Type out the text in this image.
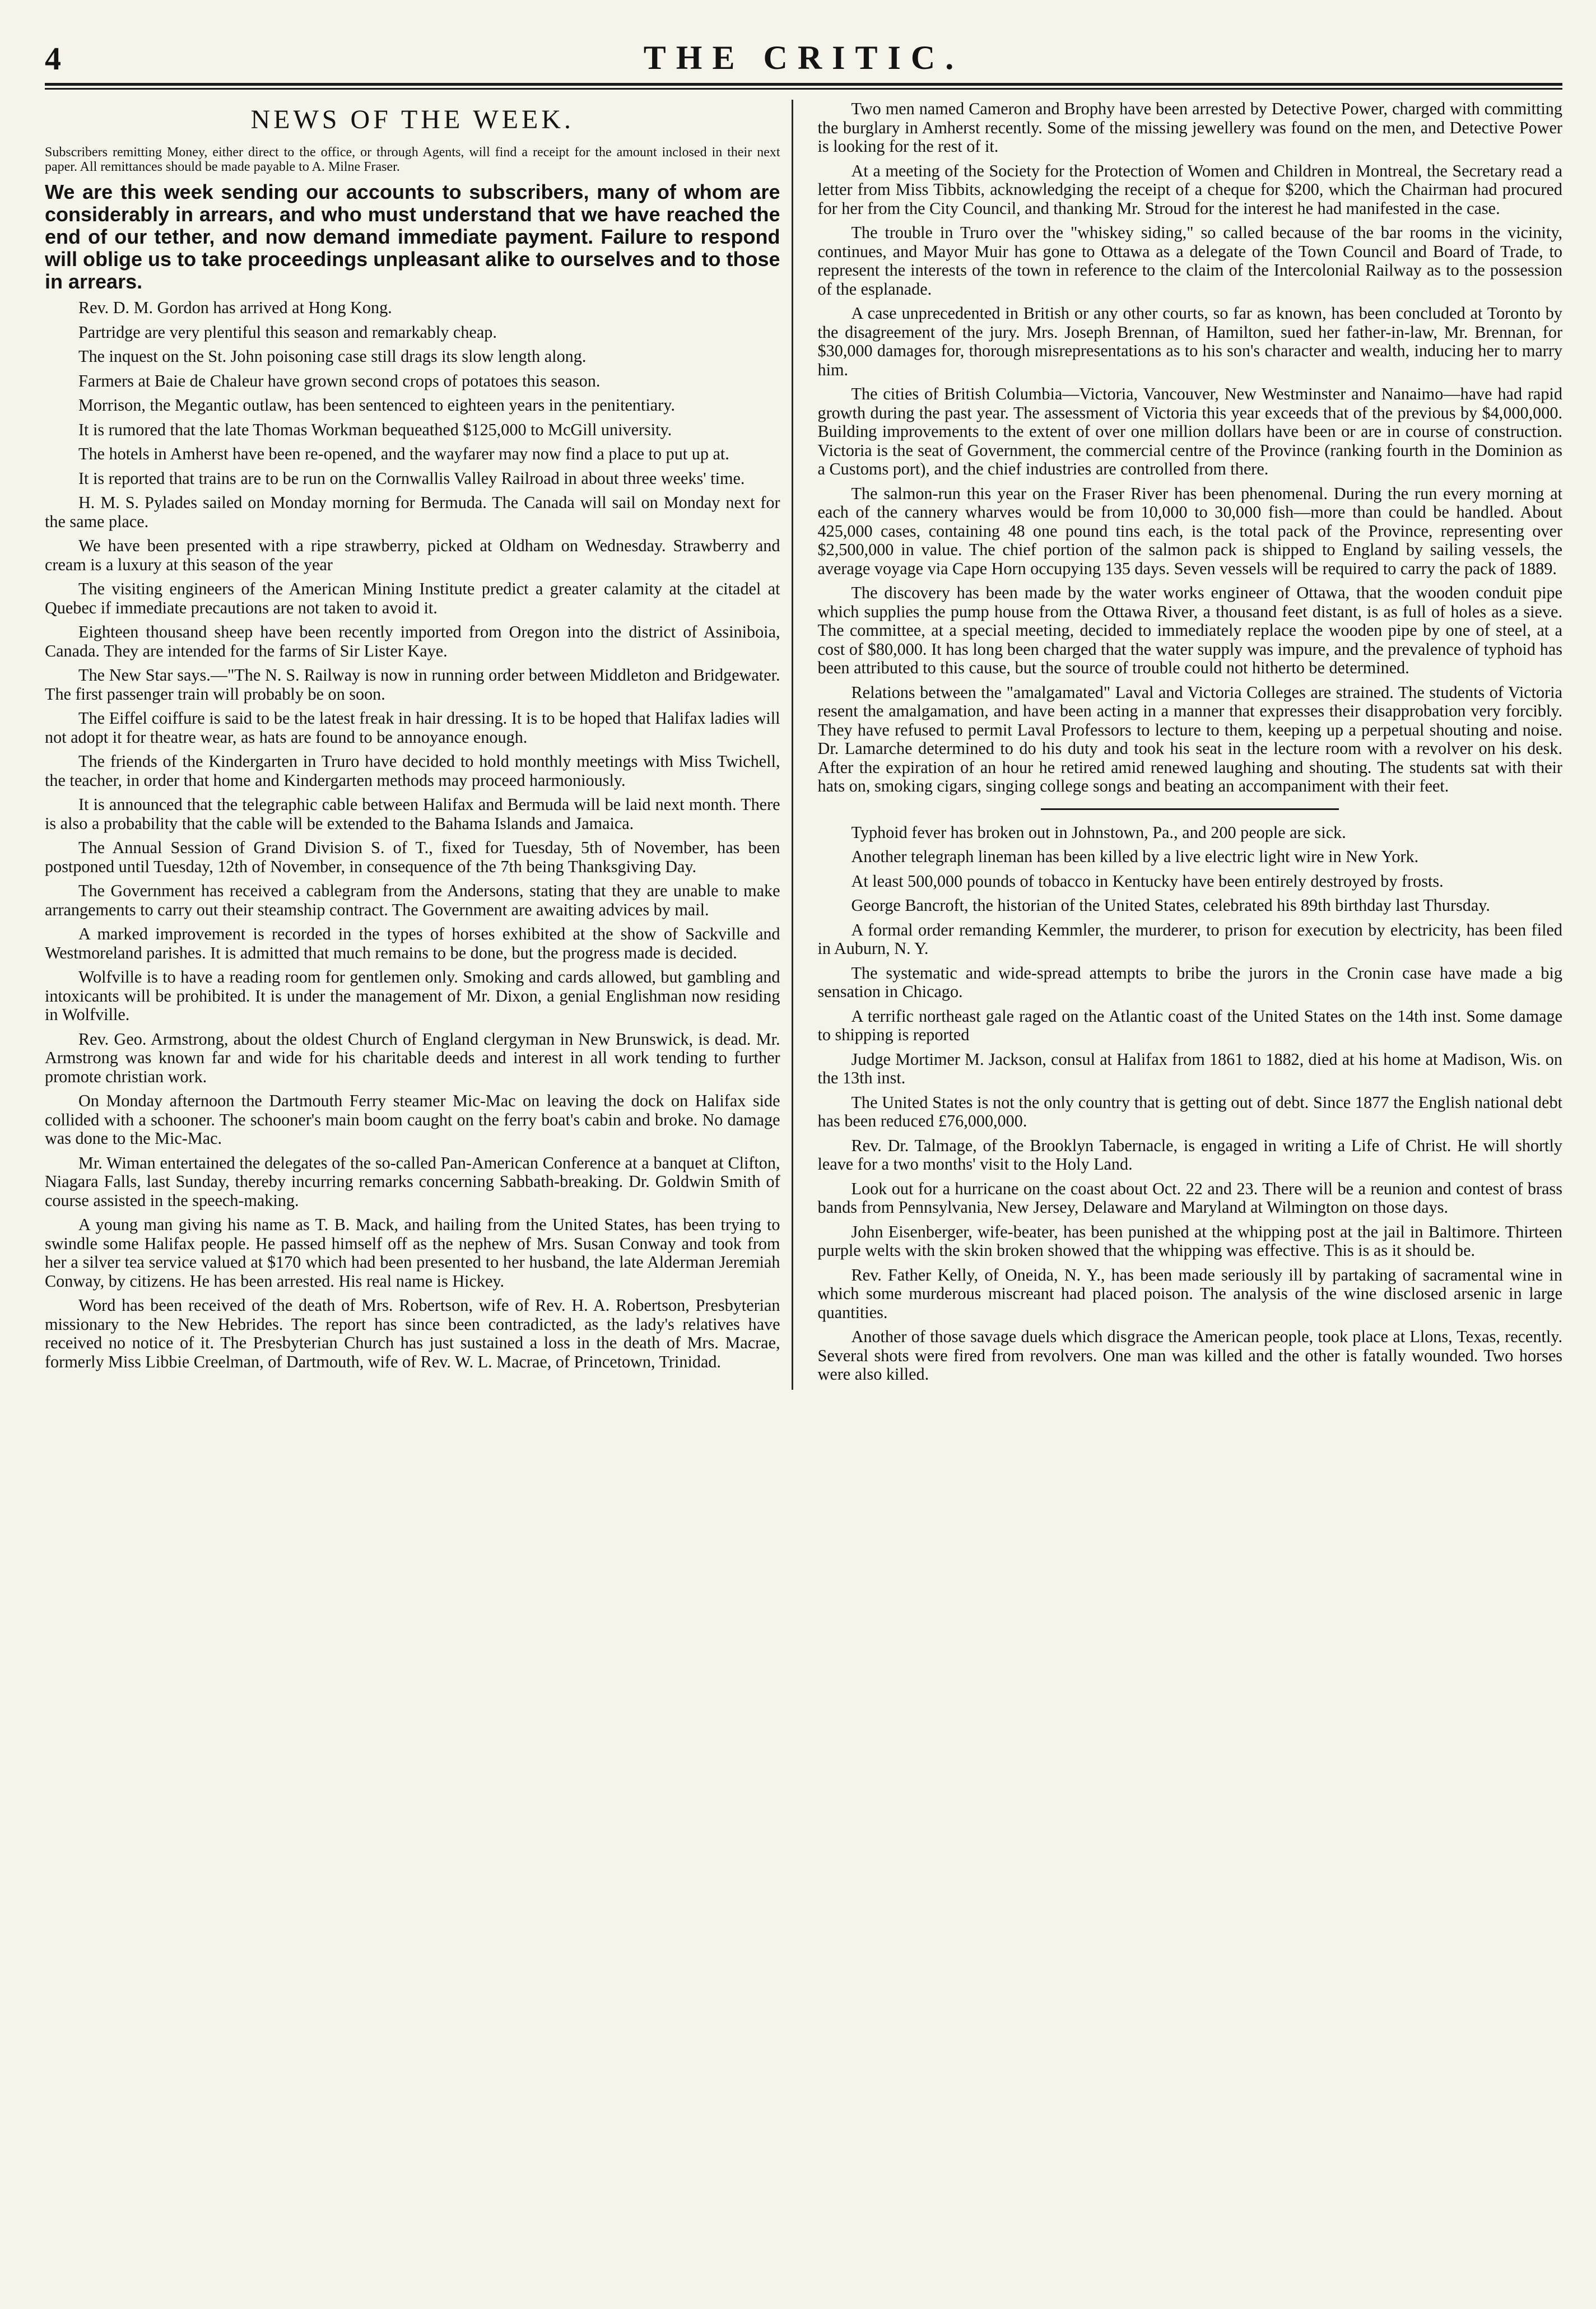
4	THE CRITIC.
NEWS OF THE WEEK.

Subscribers remitting Money, either direct to the office, or through Agents, will find a receipt for the amount inclosed in their next paper. All remittances should be made payable to A. Milne Fraser.

We are this week sending our accounts to subscribers, many of whom are considerably in arrears, and who must understand that we have reached the end of our tether, and now demand immediate payment. Failure to respond will oblige us to take proceedings unpleasant alike to ourselves and to those in arrears.

Rev. D. M. Gordon has arrived at Hong Kong.

Partridge are very plentiful this season and remarkably cheap.

The inquest on the St. John poisoning case still drags its slow length along.

Farmers at Baie de Chaleur have grown second crops of potatoes this season.

Morrison, the Megantic outlaw, has been sentenced to eighteen years in the penitentiary.

It is rumored that the late Thomas Workman bequeathed $125,000 to McGill university.

The hotels in Amherst have been re-opened, and the wayfarer may now find a place to put up at.

It is reported that trains are to be run on the Cornwallis Valley Railroad in about three weeks' time.

H. M. S. Pylades sailed on Monday morning for Bermuda. The Canada will sail on Monday next for the same place.

We have been presented with a ripe strawberry, picked at Oldham on Wednesday. Strawberry and cream is a luxury at this season of the year

The visiting engineers of the American Mining Institute predict a greater calamity at the citadel at Quebec if immediate precautions are not taken to avoid it.

Eighteen thousand sheep have been recently imported from Oregon into the district of Assiniboia, Canada. They are intended for the farms of Sir Lister Kaye.

The New Star says.—"The N. S. Railway is now in running order between Middleton and Bridgewater. The first passenger train will probably be on soon.

The Eiffel coiffure is said to be the latest freak in hair dressing. It is to be hoped that Halifax ladies will not adopt it for theatre wear, as hats are found to be annoyance enough.

The friends of the Kindergarten in Truro have decided to hold monthly meetings with Miss Twichell, the teacher, in order that home and Kindergarten methods may proceed harmoniously.

It is announced that the telegraphic cable between Halifax and Bermuda will be laid next month. There is also a probability that the cable will be extended to the Bahama Islands and Jamaica.

The Annual Session of Grand Division S. of T., fixed for Tuesday, 5th of November, has been postponed until Tuesday, 12th of November, in consequence of the 7th being Thanksgiving Day.

The Government has received a cablegram from the Andersons, stating that they are unable to make arrangements to carry out their steamship contract. The Government are awaiting advices by mail.

A marked improvement is recorded in the types of horses exhibited at the show of Sackville and Westmoreland parishes. It is admitted that much remains to be done, but the progress made is decided.

Wolfville is to have a reading room for gentlemen only. Smoking and cards allowed, but gambling and intoxicants will be prohibited. It is under the management of Mr. Dixon, a genial Englishman now residing in Wolfville.

Rev. Geo. Armstrong, about the oldest Church of England clergyman in New Brunswick, is dead. Mr. Armstrong was known far and wide for his charitable deeds and interest in all work tending to further promote christian work.

On Monday afternoon the Dartmouth Ferry steamer Mic-Mac on leaving the dock on Halifax side collided with a schooner. The schooner's main boom caught on the ferry boat's cabin and broke. No damage was done to the Mic-Mac.

Mr. Wiman entertained the delegates of the so-called Pan-American Conference at a banquet at Clifton, Niagara Falls, last Sunday, thereby incurring remarks concerning Sabbath-breaking. Dr. Goldwin Smith of course assisted in the speech-making.

A young man giving his name as T. B. Mack, and hailing from the United States, has been trying to swindle some Halifax people. He passed himself off as the nephew of Mrs. Susan Conway and took from her a silver tea service valued at $170 which had been presented to her husband, the late Alderman Jeremiah Conway, by citizens. He has been arrested. His real name is Hickey.

Word has been received of the death of Mrs. Robertson, wife of Rev. H. A. Robertson, Presbyterian missionary to the New Hebrides. The report has since been contradicted, as the lady's relatives have received no notice of it. The Presbyterian Church has just sustained a loss in the death of Mrs. Macrae, formerly Miss Libbie Creelman, of Dartmouth, wife of Rev. W. L. Macrae, of Princetown, Trinidad.

Two men named Cameron and Brophy have been arrested by Detective Power, charged with committing the burglary in Amherst recently. Some of the missing jewellery was found on the men, and Detective Power is looking for the rest of it.

At a meeting of the Society for the Protection of Women and Children in Montreal, the Secretary read a letter from Miss Tibbits, acknowledging the receipt of a cheque for $200, which the Chairman had procured for her from the City Council, and thanking Mr. Stroud for the interest he had manifested in the case.

The trouble in Truro over the "whiskey siding," so called because of the bar rooms in the vicinity, continues, and Mayor Muir has gone to Ottawa as a delegate of the Town Council and Board of Trade, to represent the interests of the town in reference to the claim of the Intercolonial Railway as to the possession of the esplanade.

A case unprecedented in British or any other courts, so far as known, has been concluded at Toronto by the disagreement of the jury. Mrs. Joseph Brennan, of Hamilton, sued her father-in-law, Mr. Brennan, for $30,000 damages for, thorough misrepresentations as to his son's character and wealth, inducing her to marry him.

The cities of British Columbia—Victoria, Vancouver, New Westminster and Nanaimo—have had rapid growth during the past year. The assessment of Victoria this year exceeds that of the previous by $4,000,000. Building improvements to the extent of over one million dollars have been or are in course of construction. Victoria is the seat of Government, the commercial centre of the Province (ranking fourth in the Dominion as a Customs port), and the chief industries are controlled from there.

The salmon-run this year on the Fraser River has been phenomenal. During the run every morning at each of the cannery wharves would be from 10,000 to 30,000 fish—more than could be handled. About 425,000 cases, containing 48 one pound tins each, is the total pack of the Province, representing over $2,500,000 in value. The chief portion of the salmon pack is shipped to England by sailing vessels, the average voyage via Cape Horn occupying 135 days. Seven vessels will be required to carry the pack of 1889.

The discovery has been made by the water works engineer of Ottawa, that the wooden conduit pipe which supplies the pump house from the Ottawa River, a thousand feet distant, is as full of holes as a sieve. The committee, at a special meeting, decided to immediately replace the wooden pipe by one of steel, at a cost of $80,000. It has long been charged that the water supply was impure, and the prevalence of typhoid has been attributed to this cause, but the source of trouble could not hitherto be determined.

Relations between the "amalgamated" Laval and Victoria Colleges are strained. The students of Victoria resent the amalgamation, and have been acting in a manner that expresses their disapprobation very forcibly. They have refused to permit Laval Professors to lecture to them, keeping up a perpetual shouting and noise. Dr. Lamarche determined to do his duty and took his seat in the lecture room with a revolver on his desk. After the expiration of an hour he retired amid renewed laughing and shouting. The students sat with their hats on, smoking cigars, singing college songs and beating an accompaniment with their feet.

Typhoid fever has broken out in Johnstown, Pa., and 200 people are sick.

Another telegraph lineman has been killed by a live electric light wire in New York.

At least 500,000 pounds of tobacco in Kentucky have been entirely destroyed by frosts.

George Bancroft, the historian of the United States, celebrated his 89th birthday last Thursday.

A formal order remanding Kemmler, the murderer, to prison for execution by electricity, has been filed in Auburn, N. Y.

The systematic and wide-spread attempts to bribe the jurors in the Cronin case have made a big sensation in Chicago.

A terrific northeast gale raged on the Atlantic coast of the United States on the 14th inst. Some damage to shipping is reported

Judge Mortimer M. Jackson, consul at Halifax from 1861 to 1882, died at his home at Madison, Wis. on the 13th inst.

The United States is not the only country that is getting out of debt. Since 1877 the English national debt has been reduced £76,000,000.

Rev. Dr. Talmage, of the Brooklyn Tabernacle, is engaged in writing a Life of Christ. He will shortly leave for a two months' visit to the Holy Land.

Look out for a hurricane on the coast about Oct. 22 and 23. There will be a reunion and contest of brass bands from Pennsylvania, New Jersey, Delaware and Maryland at Wilmington on those days.

John Eisenberger, wife-beater, has been punished at the whipping post at the jail in Baltimore. Thirteen purple welts with the skin broken showed that the whipping was effective. This is as it should be.

Rev. Father Kelly, of Oneida, N. Y., has been made seriously ill by partaking of sacramental wine in which some murderous miscreant had placed poison. The analysis of the wine disclosed arsenic in large quantities.

Another of those savage duels which disgrace the American people, took place at Llons, Texas, recently. Several shots were fired from revolvers. One man was killed and the other is fatally wounded. Two horses were also killed.
